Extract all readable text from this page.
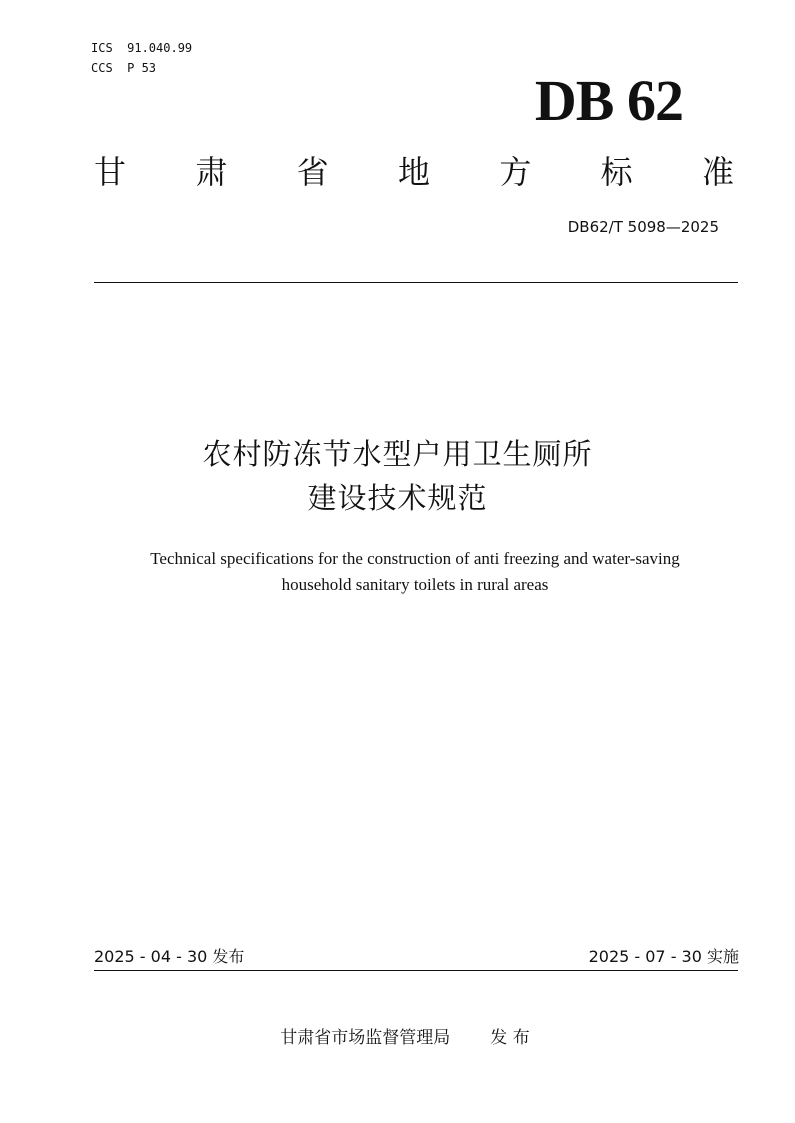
ICS  91.040.99
CCS  P 53	DB 62
甘 肃 省 地 方 标 准
DB62/T 5098—2025
农村防冻节水型户用卫生厕所
建设技术规范
Technical specifications for the construction of anti freezing and water-saving
household sanitary toilets in rural areas
2025 - 04 - 30 发布	2025 - 07 - 30 实施
甘肃省市场监督管理局 发 布
